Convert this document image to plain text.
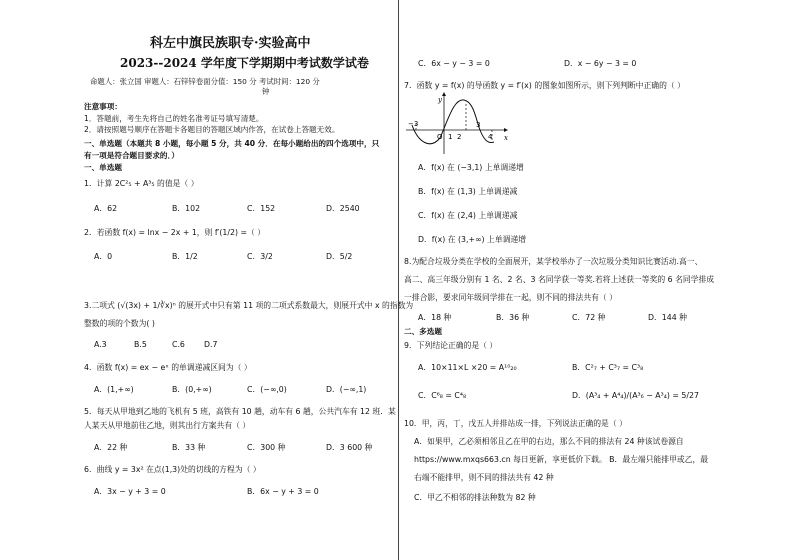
科左中旗民族职专·实验高中
2023--2024 学年度下学期期中考试数学试卷
命题人：张立国 审题人：石锌锌卷面分值：150 分 考试时间：120 分
钟
注意事项：
1．答题前，考生先将自己的姓名准考证号填写清楚。
2．请按照题号顺序在答题卡各题目的答题区域内作答，在试卷上答题无效。
一、单选题（本题共 8 小题，每小题 5 分，共 40 分．在每小题给出的四个选项中，只
有一项是符合题目要求的．）
一、单选题
1．计算 2C²₅ + A³₅ 的值是（ ）
A．62	B．102	C．152	D．2540
2．若函数 f(x) = lnx − 2x + 1，则 f′(1/2) =（ ）
A．0	B．1/2	C．3/2	D．5/2
3.二项式 (√(3x) + 1/∛x)ⁿ 的展开式中只有第 11 项的二项式系数最大，则展开式中 x 的指数为
整数的项的个数为( )
A.3	B.5	C.6 D.7
4．函数 f(x) = ex − eˣ 的单调递减区间为（ ）
A．(1,+∞)	B．(0,+∞)	C．(−∞,0)	D．(−∞,1)
5．每天从甲地到乙地的飞机有 5 班，高铁有 10 趟，动车有 6 趟，公共汽车有 12 班．某
人某天从甲地前往乙地，则其出行方案共有（ ）
A．22 种	B．33 种	C．300 种	D．3 600 种
6．曲线 y = 3x² 在点(1,3)处的切线的方程为（ ）
A．3x − y + 3 = 0	B．6x − y + 3 = 0
C．6x − y − 3 = 0	D．x − 6y − 3 = 0
7．函数 y = f(x) 的导函数 y = f′(x) 的图象如图所示，则下列判断中正确的（ ）
y
x
−3
O 1 2
3
4
A．f(x) 在 (−3,1) 上单调递增
B．f(x) 在 (1,3) 上单调递减
C．f(x) 在 (2,4) 上单调递减
D．f(x) 在 (3,+∞) 上单调递增
8.为配合垃圾分类在学校的全面展开，某学校举办了一次垃圾分类知识比赛活动.高一、
高二、高三年级分别有 1 名、2 名、3 名同学获一等奖.若将上述获一等奖的 6 名同学排成
一排合影，要求同年级同学排在一起，则不同的排法共有（ ）
A．18 种	B．36 种	C．72 种	D．144 种
二、多选题
9．下列结论正确的是（ ）
A．10×11×L ×20 = A¹⁰₂₀	B．C²₇ + C³₇ = C³₈
C．C⁶₈ = C⁴₈	D．(A³₄ + A⁴₄)/(A³₆ − A³₄) = 5/27
10．甲，丙，丁，戊五人并排站成一排，下列说法正确的是（ ）
A．如果甲，乙必须相邻且乙在甲的右边，那么不同的排法有 24 种该试卷源自
https://www.mxqs663.cn 每日更新，享更低价下载。 B．最左端只能排甲或乙，最
右端不能排甲，则不同的排法共有 42 种
C．甲乙不相邻的排法种数为 82 种
